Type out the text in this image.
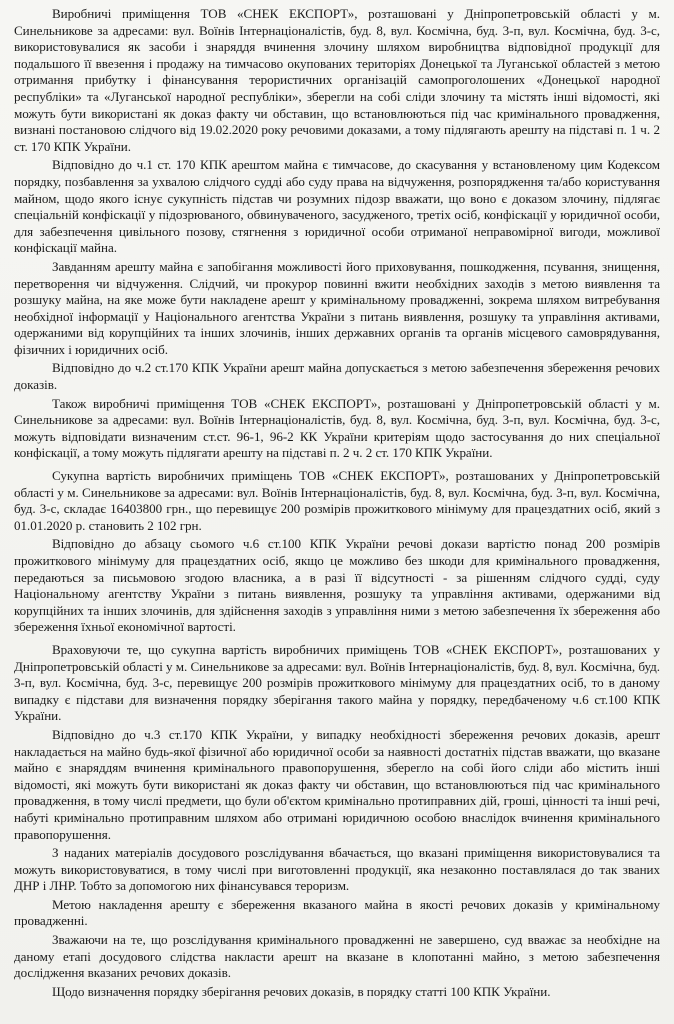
Виробничі приміщення ТОВ «СНЕК ЕКСПОРТ», розташовані у Дніпропетровській області у м. Синельникове за адресами: вул. Воїнів Інтернаціоналістів, буд. 8, вул. Космічна, буд. 3-п, вул. Космічна, буд. 3-с, використовувалися як засоби і знаряддя вчинення злочину шляхом виробництва відповідної продукції для подальшого її ввезення і продажу на тимчасово окупованих територіях Донецької та Луганської областей з метою отримання прибутку і фінансування терористичних організацій самопроголошених «Донецької народної республіки» та «Луганської народної республіки», зберегли на собі сліди злочину та містять інші відомості, які можуть бути використані як доказ факту чи обставин, що встановлюються під час кримінального провадження, визнані постановою слідчого від 19.02.2020 року речовими доказами, а тому підлягають арешту на підставі п. 1 ч. 2 ст. 170 КПК України.

Відповідно до ч.1 ст. 170 КПК арештом майна є тимчасове, до скасування у встановленому цим Кодексом порядку, позбавлення за ухвалою слідчого судді або суду права на відчуження, розпорядження та/або користування майном, щодо якого існує сукупність підстав чи розумних підозр вважати, що воно є доказом злочину, підлягає спеціальній конфіскації у підозрюваного, обвинуваченого, засудженого, третіх осіб, конфіскації у юридичної особи, для забезпечення цивільного позову, стягнення з юридичної особи отриманої неправомірної вигоди, можливої конфіскації майна.

Завданням арешту майна є запобігання можливості його приховування, пошкодження, псування, знищення, перетворення чи відчуження. Слідчий, чи прокурор повинні вжити необхідних заходів з метою виявлення та розшуку майна, на яке може бути накладене арешт у кримінальному провадженні, зокрема шляхом витребування необхідної інформації у Національного агентства України з питань виявлення, розшуку та управління активами, одержаними від корупційних та інших злочинів, інших державних органів та органів місцевого самоврядування, фізичних і юридичних осіб.

Відповідно до ч.2 ст.170 КПК України арешт майна допускається з метою забезпечення збереження речових доказів.

Також виробничі приміщення ТОВ «СНЕК ЕКСПОРТ», розташовані у Дніпропетровській області у м. Синельникове за адресами: вул. Воїнів Інтернаціоналістів, буд. 8, вул. Космічна, буд. 3-п, вул. Космічна, буд. 3-с, можуть відповідати визначеним ст.ст. 96-1, 96-2 КК України критеріям щодо застосування до них спеціальної конфіскації, а тому можуть підлягати арешту на підставі п. 2 ч. 2 ст. 170 КПК України.

Сукупна вартість виробничих приміщень ТОВ «СНЕК ЕКСПОРТ», розташованих у Дніпропетровській області у м. Синельникове за адресами: вул. Воїнів Інтернаціоналістів, буд. 8, вул. Космічна, буд. 3-п, вул. Космічна, буд. 3-с, складає 16403800 грн., що перевищує 200 розмірів прожиткового мінімуму для працездатних осіб, який з 01.01.2020 р. становить 2 102 грн.

Відповідно до абзацу сьомого ч.6 ст.100 КПК України речові докази вартістю понад 200 розмірів прожиткового мінімуму для працездатних осіб, якщо це можливо без шкоди для кримінального провадження, передаються за письмовою згодою власника, а в разі її відсутності - за рішенням слідчого судді, суду Національному агентству України з питань виявлення, розшуку та управління активами, одержаними від корупційних та інших злочинів, для здійснення заходів з управління ними з метою забезпечення їх збереження або збереження їхньої економічної вартості.

Враховуючи те, що сукупна вартість виробничих приміщень ТОВ «СНЕК ЕКСПОРТ», розташованих у Дніпропетровській області у м. Синельникове за адресами: вул. Воїнів Інтернаціоналістів, буд. 8, вул. Космічна, буд. 3-п, вул. Космічна, буд. 3-с, перевищує 200 розмірів прожиткового мінімуму для працездатних осіб, то в даному випадку є підстави для визначення порядку зберігання такого майна у порядку, передбаченому ч.6 ст.100 КПК України.

Відповідно до ч.3 ст.170 КПК України, у випадку необхідності збереження речових доказів, арешт накладається на майно будь-якої фізичної або юридичної особи за наявності достатніх підстав вважати, що вказане майно є знаряддям вчинення кримінального правопорушення, зберегло на собі його сліди або містить інші відомості, які можуть бути використані як доказ факту чи обставин, що встановлюються під час кримінального провадження, в тому числі предмети, що були об'єктом кримінально протиправних дій, гроші, цінності та інші речі, набуті кримінально протиправним шляхом або отримані юридичною особою внаслідок вчинення кримінального правопорушення.

З наданих матеріалів досудового розслідування вбачається, що вказані приміщення використовувалися та можуть використовуватися, в тому числі при виготовленні продукції, яка незаконно поставлялася до так званих ДНР і ЛНР. Тобто за допомогою них фінансувався тероризм.

Метою накладення арешту є збереження вказаного майна в якості речових доказів у кримінальному провадженні.

Зважаючи на те, що розслідування кримінального провадженні не завершено, суд вважає за необхідне на даному етапі досудового слідства накласти арешт на вказане в клопотанні майно, з метою забезпечення дослідження вказаних речових доказів.

Щодо визначення порядку зберігання речових доказів, в порядку статті 100 КПК України.
